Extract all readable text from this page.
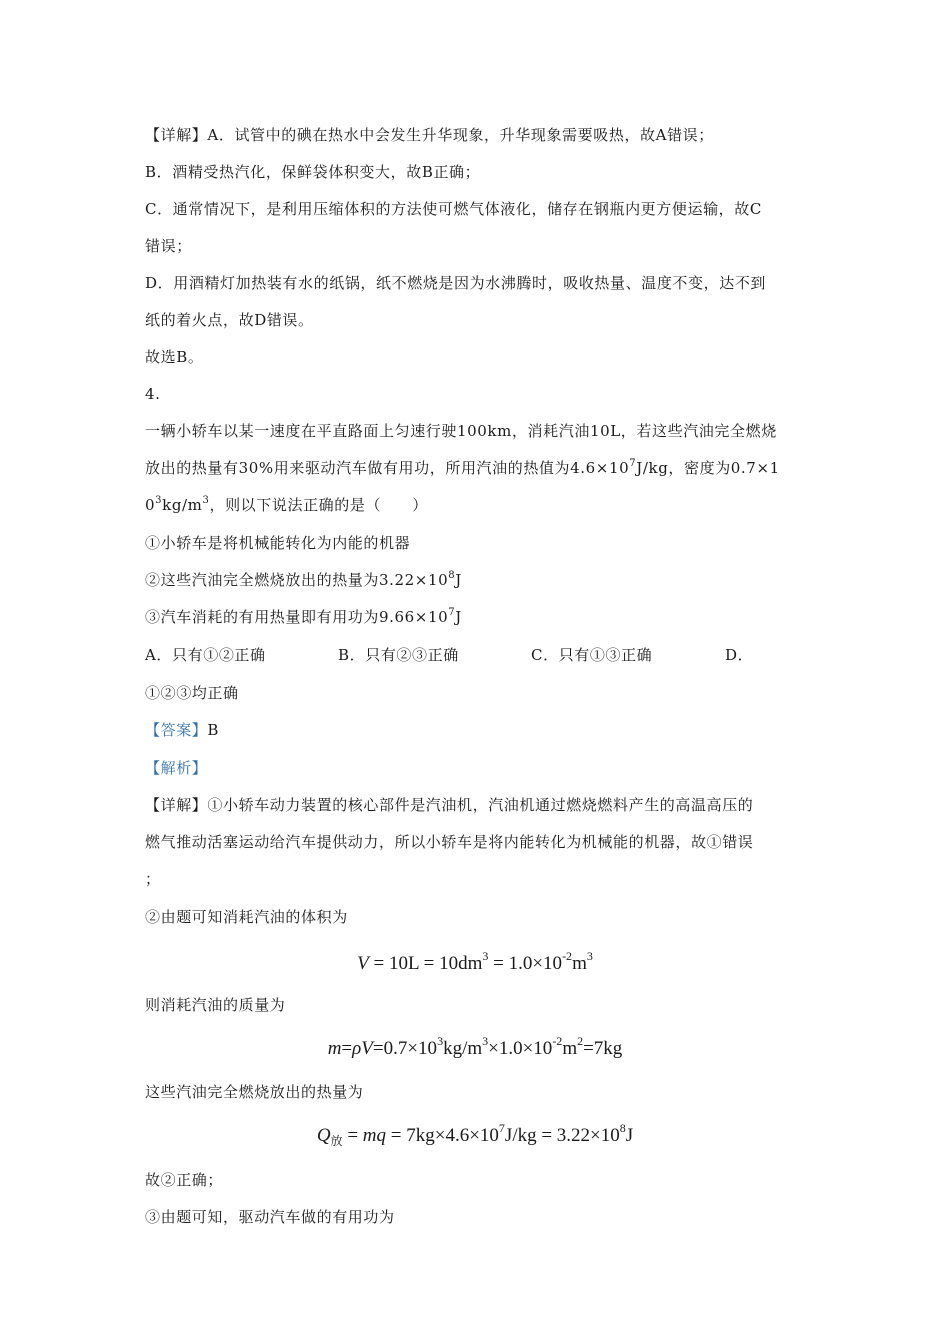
【详解】A．试管中的碘在热水中会发生升华现象，升华现象需要吸热，故A错误；
B．酒精受热汽化，保鲜袋体积变大，故B正确；
C．通常情况下，是利用压缩体积的方法使可燃气体液化，储存在钢瓶内更方便运输，故C
错误；
D．用酒精灯加热装有水的纸锅，纸不燃烧是因为水沸腾时，吸收热量、温度不变，达不到
纸的着火点，故D错误。
故选B。
4.
一辆小轿车以某一速度在平直路面上匀速行驶100km，消耗汽油10L，若这些汽油完全燃烧
放出的热量有30%用来驱动汽车做有用功，所用汽油的热值为$4.6\times 10^7J/kg$，密度为0.7×1
$0^3kg/m^3$，则以下说法正确的是（　　）
①小轿车是将机械能转化为内能的机器
②这些汽油完全燃烧放出的热量为$3.22\times 10^8J$
③汽车消耗的有用热量即有用功为$9.66\times 10^7J$
A．只有①②正确	B．只有②③正确	C．只有①③正确	D．
①②③均正确
【答案】B
【解析】
【详解】①小轿车动力装置的核心部件是汽油机，汽油机通过燃烧燃料产生的高温高压的
燃气推动活塞运动给汽车提供动力，所以小轿车是将内能转化为机械能的机器，故①错误
；
②由题可知消耗汽油的体积为
$V = 10L = 10dm^3 = 1.0\times 10^{-2}m^3$
则消耗汽油的质量为
$m=\rho V=0.7\times 10^3kg/m^3\times 1.0\times 10^{-2}m^2=7kg$
这些汽油完全燃烧放出的热量为
$Q_放$ = mq = $7kg\times 4.6\times 10^7J/kg = 3.22\times 10^8J$
故②正确；
③由题可知，驱动汽车做的有用功为
